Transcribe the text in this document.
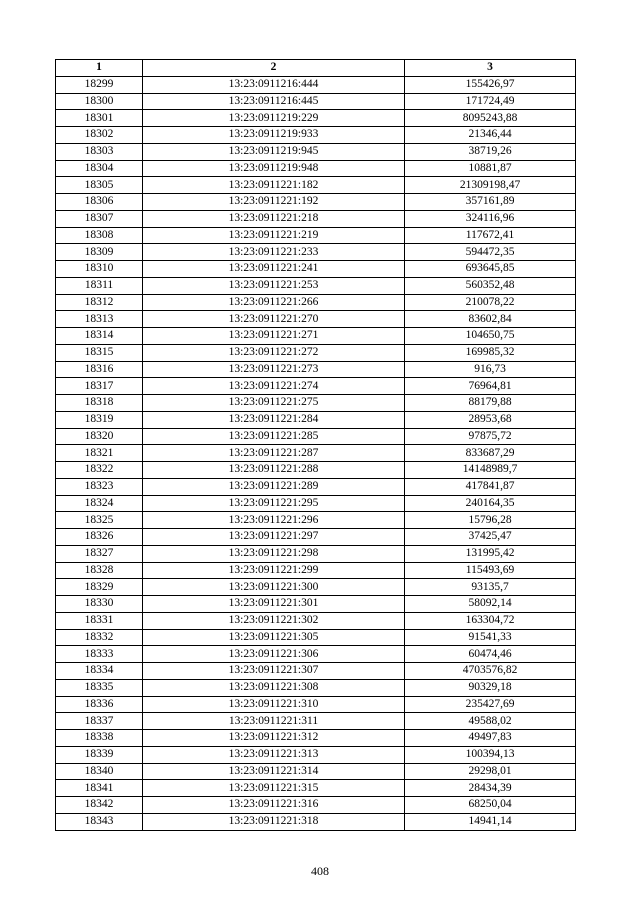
1	2	3
18299	13:23:0911216:444	155426,97
18300	13:23:0911216:445	171724,49
18301	13:23:0911219:229	8095243,88
18302	13:23:0911219:933	21346,44
18303	13:23:0911219:945	38719,26
18304	13:23:0911219:948	10881,87
18305	13:23:0911221:182	21309198,47
18306	13:23:0911221:192	357161,89
18307	13:23:0911221:218	324116,96
18308	13:23:0911221:219	117672,41
18309	13:23:0911221:233	594472,35
18310	13:23:0911221:241	693645,85
18311	13:23:0911221:253	560352,48
18312	13:23:0911221:266	210078,22
18313	13:23:0911221:270	83602,84
18314	13:23:0911221:271	104650,75
18315	13:23:0911221:272	169985,32
18316	13:23:0911221:273	916,73
18317	13:23:0911221:274	76964,81
18318	13:23:0911221:275	88179,88
18319	13:23:0911221:284	28953,68
18320	13:23:0911221:285	97875,72
18321	13:23:0911221:287	833687,29
18322	13:23:0911221:288	14148989,7
18323	13:23:0911221:289	417841,87
18324	13:23:0911221:295	240164,35
18325	13:23:0911221:296	15796,28
18326	13:23:0911221:297	37425,47
18327	13:23:0911221:298	131995,42
18328	13:23:0911221:299	115493,69
18329	13:23:0911221:300	93135,7
18330	13:23:0911221:301	58092,14
18331	13:23:0911221:302	163304,72
18332	13:23:0911221:305	91541,33
18333	13:23:0911221:306	60474,46
18334	13:23:0911221:307	4703576,82
18335	13:23:0911221:308	90329,18
18336	13:23:0911221:310	235427,69
18337	13:23:0911221:311	49588,02
18338	13:23:0911221:312	49497,83
18339	13:23:0911221:313	100394,13
18340	13:23:0911221:314	29298,01
18341	13:23:0911221:315	28434,39
18342	13:23:0911221:316	68250,04
18343	13:23:0911221:318	14941,14
408
